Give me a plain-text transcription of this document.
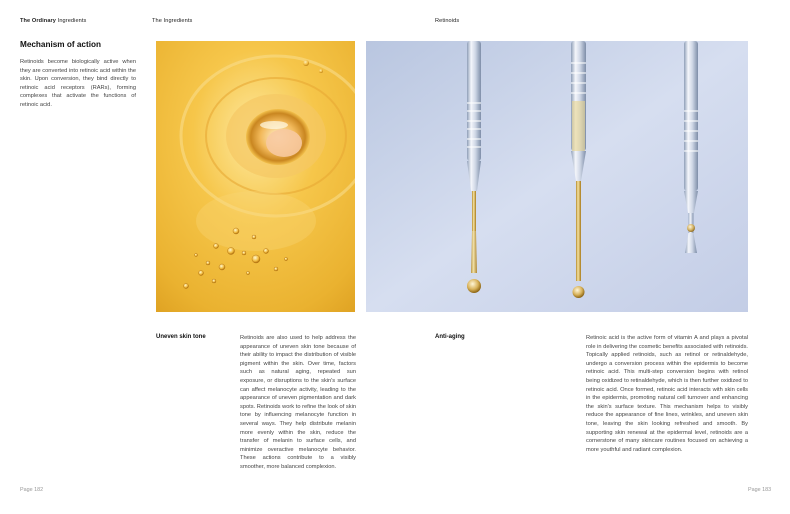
The Ordinary Ingredients	The Ingredients	Retinoids
Mechanism of action
Retinoids become biologically active when they are converted into retinoic acid within the skin. Upon conversion, they bind directly to retinoic acid receptors (RARs), forming complexes that activate the functions of retinoic acid.
Uneven skin tone	Retinoids are also used to help address the appearance of uneven skin tone because of their ability to impact the distribution of visible pigment within the skin. Over time, factors such as natural aging, repeated sun exposure, or disruptions to the skin's surface can affect melanocyte activity, leading to the appearance of uneven pigmentation and dark spots. Retinoids work to refine the look of skin tone by influencing melanocyte function in several ways. They help distribute melanin more evenly within the skin, reduce the transfer of melanin to surface cells, and minimize overactive melanocyte behavior. These actions contribute to a visibly smoother, more balanced complexion.
Anti-aging	Retinoic acid is the active form of vitamin A and plays a pivotal role in delivering the cosmetic benefits associated with retinoids. Topically applied retinoids, such as retinol or retinaldehyde, undergo a conversion process within the epidermis to become retinoic acid. This multi-step conversion begins with retinol being oxidized to retinaldehyde, which is then further oxidized to retinoic acid. Once formed, retinoic acid interacts with skin cells in the epidermis, promoting natural cell turnover and enhancing the skin's surface texture. This mechanism helps to visibly reduce the appearance of fine lines, wrinkles, and uneven skin tone, leaving the skin looking refreshed and smooth. By supporting skin renewal at the epidermal level, retinoids are a cornerstone of many skincare routines focused on achieving a more youthful and radiant complexion.
Page 182	Page 183
